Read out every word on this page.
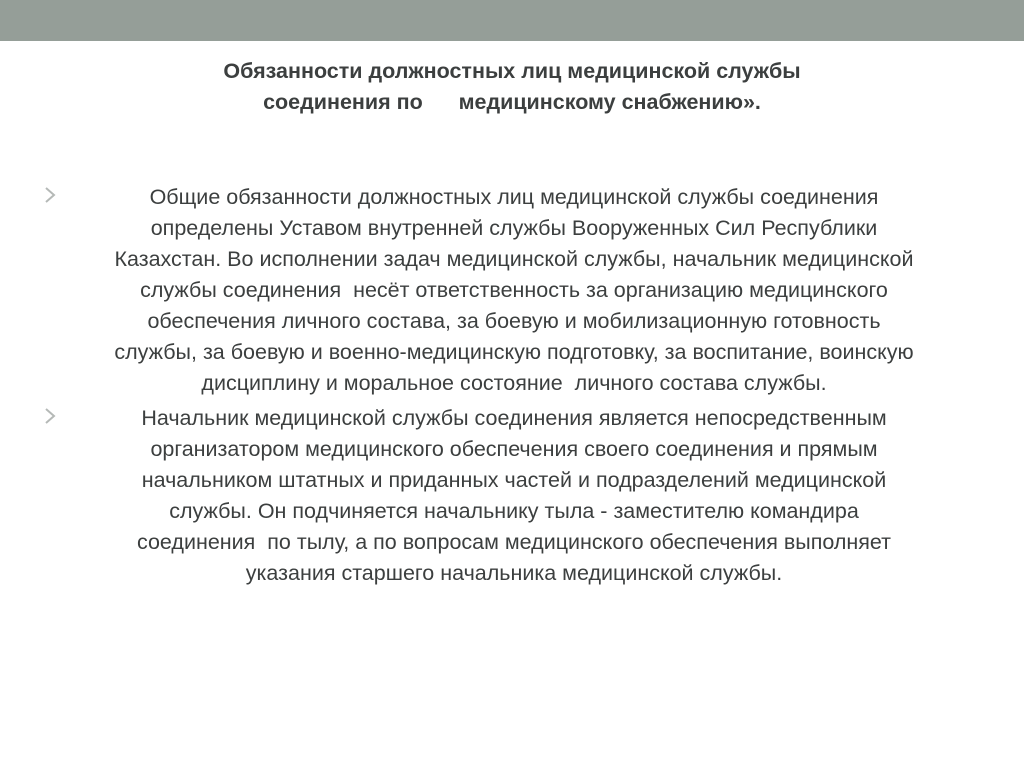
Обязанности должностных лиц медицинской службы
соединения по      медицинскому снабжению».
Общие обязанности должностных лиц медицинской службы соединения
определены Уставом внутренней службы Вооруженных Сил Республики
Казахстан. Во исполнении задач медицинской службы, начальник медицинской
службы соединения  несёт ответственность за организацию медицинского
обеспечения личного состава, за боевую и мобилизационную готовность
службы, за боевую и военно-медицинскую подготовку, за воспитание, воинскую
дисциплину и моральное состояние  личного состава службы.
Начальник медицинской службы соединения является непосредственным
организатором медицинского обеспечения своего соединения и прямым
начальником штатных и приданных частей и подразделений медицинской
службы. Он подчиняется начальнику тыла - заместителю командира
соединения  по тылу, а по вопросам медицинского обеспечения выполняет
указания старшего начальника медицинской службы.
